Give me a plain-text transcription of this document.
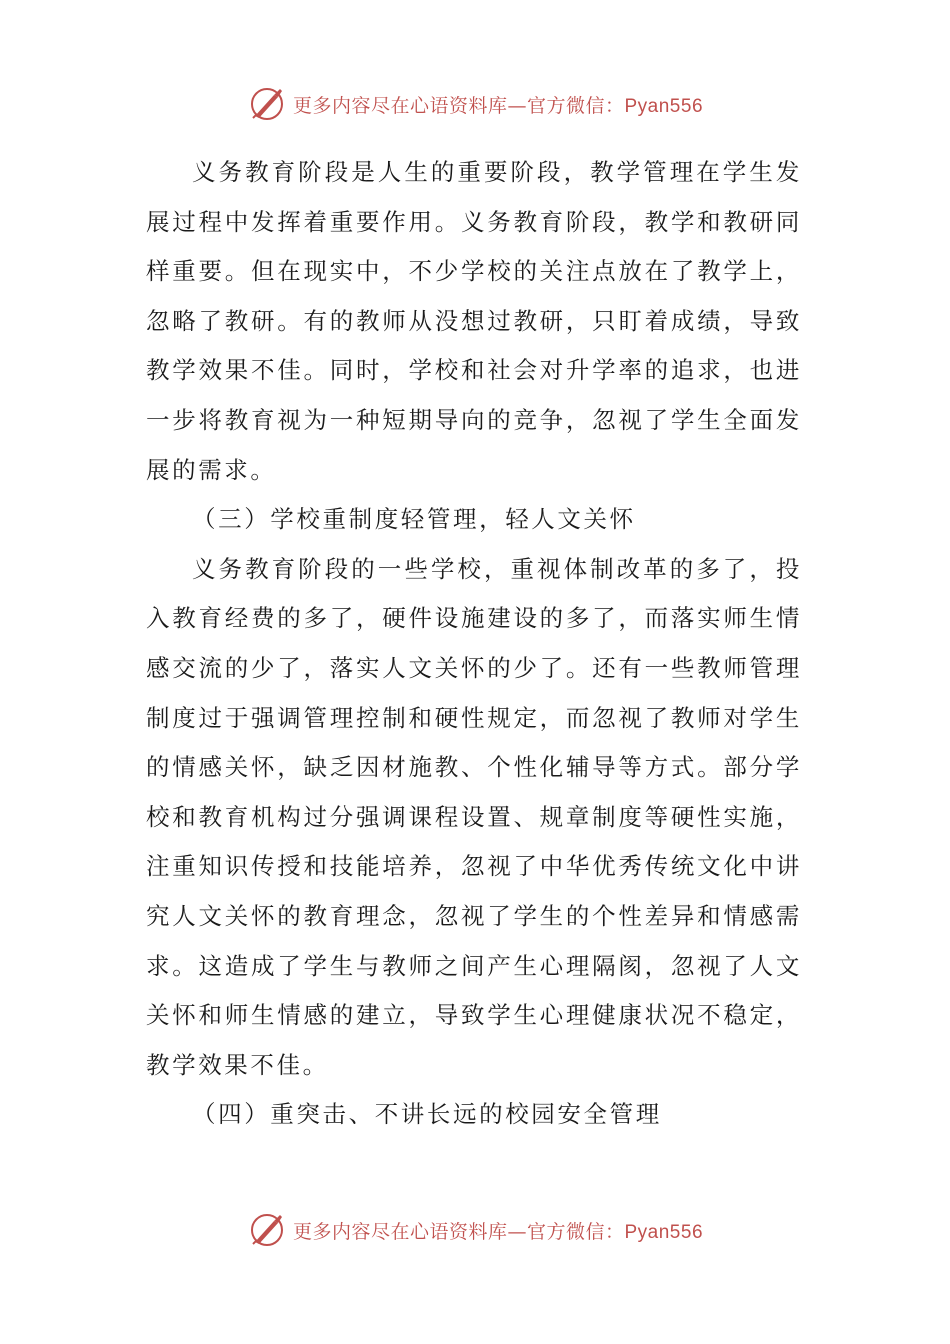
更多内容尽在心语资料库—官方微信：Pyan556

义务教育阶段是人生的重要阶段，教学管理在学生发展过程中发挥着重要作用。义务教育阶段，教学和教研同样重要。但在现实中，不少学校的关注点放在了教学上，忽略了教研。有的教师从没想过教研，只盯着成绩，导致教学效果不佳。同时，学校和社会对升学率的追求，也进一步将教育视为一种短期导向的竞争，忽视了学生全面发展的需求。

（三）学校重制度轻管理，轻人文关怀

义务教育阶段的一些学校，重视体制改革的多了，投入教育经费的多了，硬件设施建设的多了，而落实师生情感交流的少了，落实人文关怀的少了。还有一些教师管理制度过于强调管理控制和硬性规定，而忽视了教师对学生的情感关怀，缺乏因材施教、个性化辅导等方式。部分学校和教育机构过分强调课程设置、规章制度等硬性实施，注重知识传授和技能培养，忽视了中华优秀传统文化中讲究人文关怀的教育理念，忽视了学生的个性差异和情感需求。这造成了学生与教师之间产生心理隔阂，忽视了人文关怀和师生情感的建立，导致学生心理健康状况不稳定，教学效果不佳。

（四）重突击、不讲长远的校园安全管理

更多内容尽在心语资料库—官方微信：Pyan556
